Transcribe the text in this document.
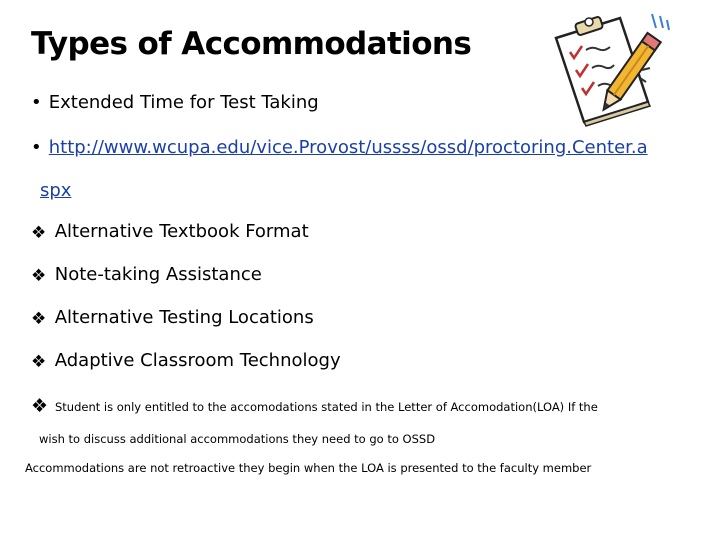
Types of Accommodations
• Extended Time for Test Taking
• http://www.wcupa.edu/vice.Provost/ussss/ossd/proctoring.Center.a
spx
❖ Alternative Textbook Format
❖ Note-taking Assistance
❖ Alternative Testing Locations
❖ Adaptive Classroom Technology
❖ Student is only entitled to the accomodations stated in the Letter of Accomodation(LOA) If the
wish to discuss additional accommodations they need to go to OSSD
Accommodations are not retroactive they begin when the LOA is presented to the faculty member
